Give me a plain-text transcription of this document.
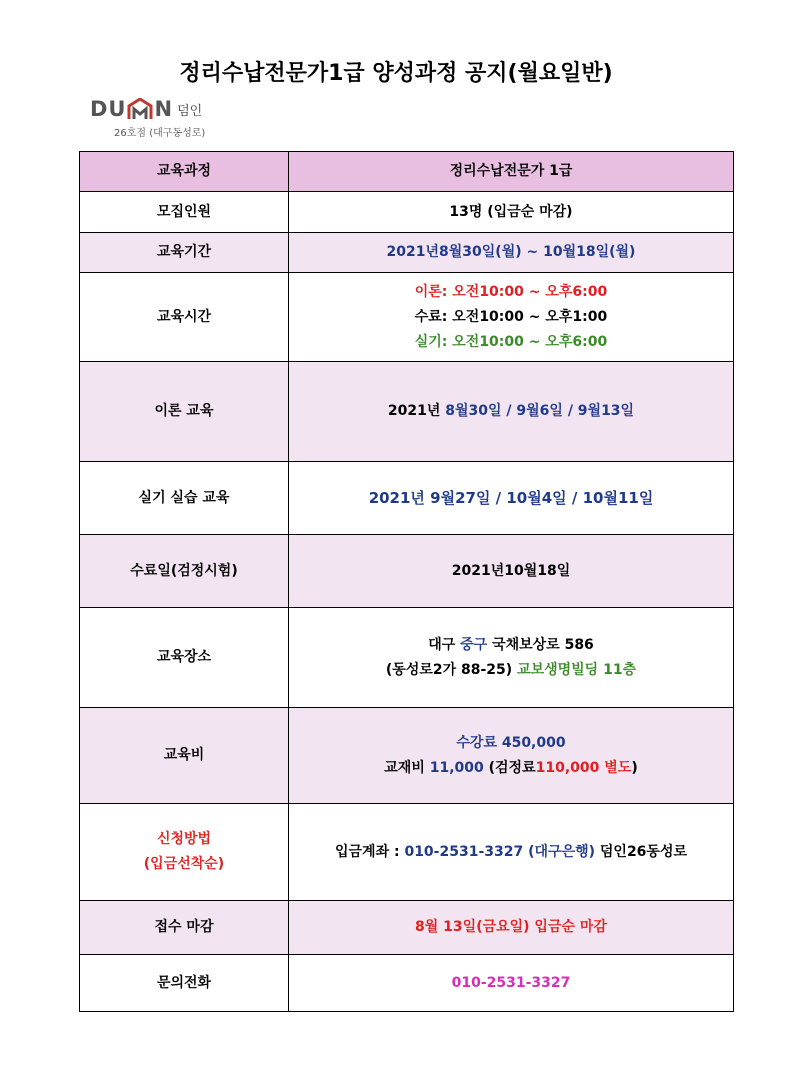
정리수납전문가1급 양성과정 공지(월요일반)
DU N 덤인
26호점 (대구동성로)
교육과정	정리수납전문가 1급
모집인원	13명 (입금순 마감)
교육기간	2021년8월30일(월) ~ 10월18일(월)
교육시간	이론: 오전10:00 ~ 오후6:00
수료: 오전10:00 ~ 오후1:00
실기: 오전10:00 ~ 오후6:00

이론 교육	2021년 8월30일 / 9월6일 / 9월13일
실기 실습 교육	2021년 9월27일 / 10월4일 / 10월11일
수료일(검정시험)	2021년10월18일
교육장소	대구 중구 국채보상로 586
(동성로2가 88-25) 교보생명빌딩 11층

교육비	수강료 450,000
교재비 11,000 (검정료110,000 별도)

신청방법
(입금선착순)	입금계좌 : 010-2531-3327 (대구은행) 덤인26동성로
접수 마감	8월 13일(금요일) 입금순 마감
문의전화	010-2531-3327
